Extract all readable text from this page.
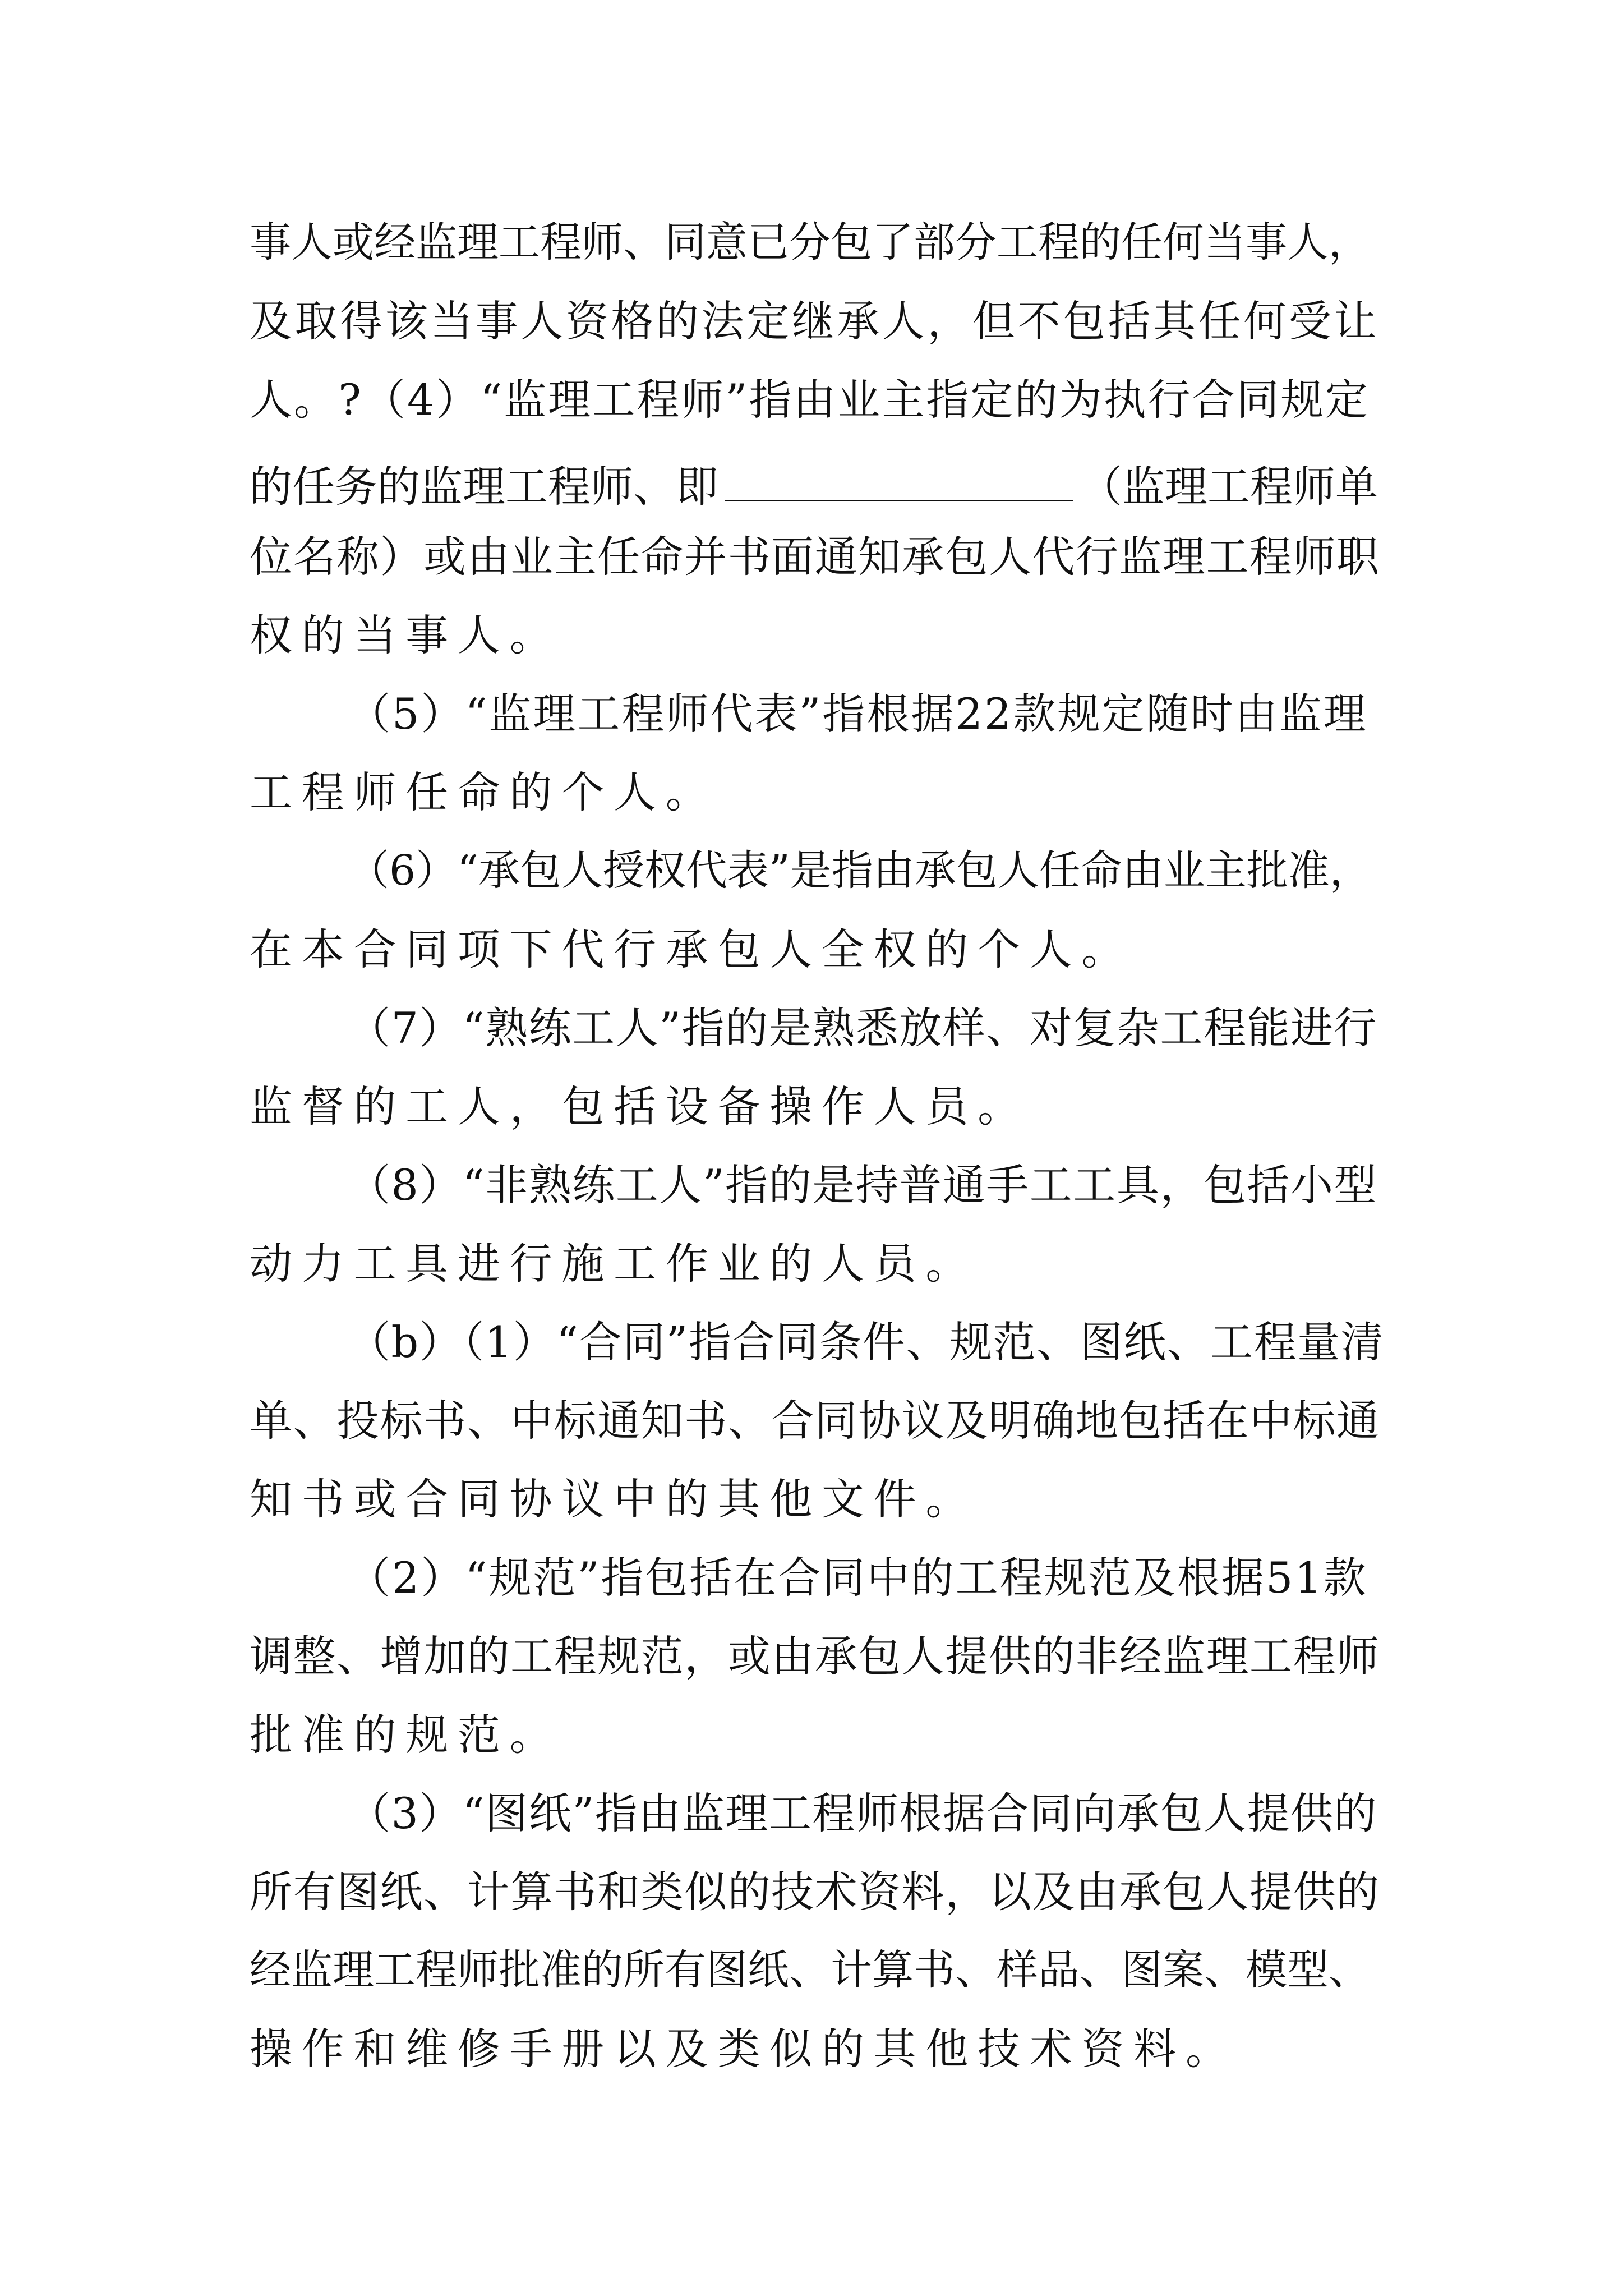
事人或经监理工程师、同意已分包了部分工程的任何当事人，
及取得该当事人资格的法定继承人，但不包括其任何受让
人。?（4）“监理工程师”指由业主指定的为执行合同规定
的任务的监理工程师、即	（监理工程师单
位名称）或由业主任命并书面通知承包人代行监理工程师职
权的当事人。
（5）“监理工程师代表”指根据22款规定随时由监理
工程师任命的个人。
（6）“承包人授权代表”是指由承包人任命由业主批准，
在本合同项下代行承包人全权的个人。
（7）“熟练工人”指的是熟悉放样、对复杂工程能进行
监督的工人，包括设备操作人员。
（8）“非熟练工人”指的是持普通手工工具，包括小型
动力工具进行施工作业的人员。
（b）（1）“合同”指合同条件、规范、图纸、工程量清
单、投标书、中标通知书、合同协议及明确地包括在中标通
知书或合同协议中的其他文件。
（2）“规范”指包括在合同中的工程规范及根据51款
调整、增加的工程规范，或由承包人提供的非经监理工程师
批准的规范。
（3）“图纸”指由监理工程师根据合同向承包人提供的
所有图纸、计算书和类似的技术资料，以及由承包人提供的
经监理工程师批准的所有图纸、计算书、样品、图案、模型、
操作和维修手册以及类似的其他技术资料。
